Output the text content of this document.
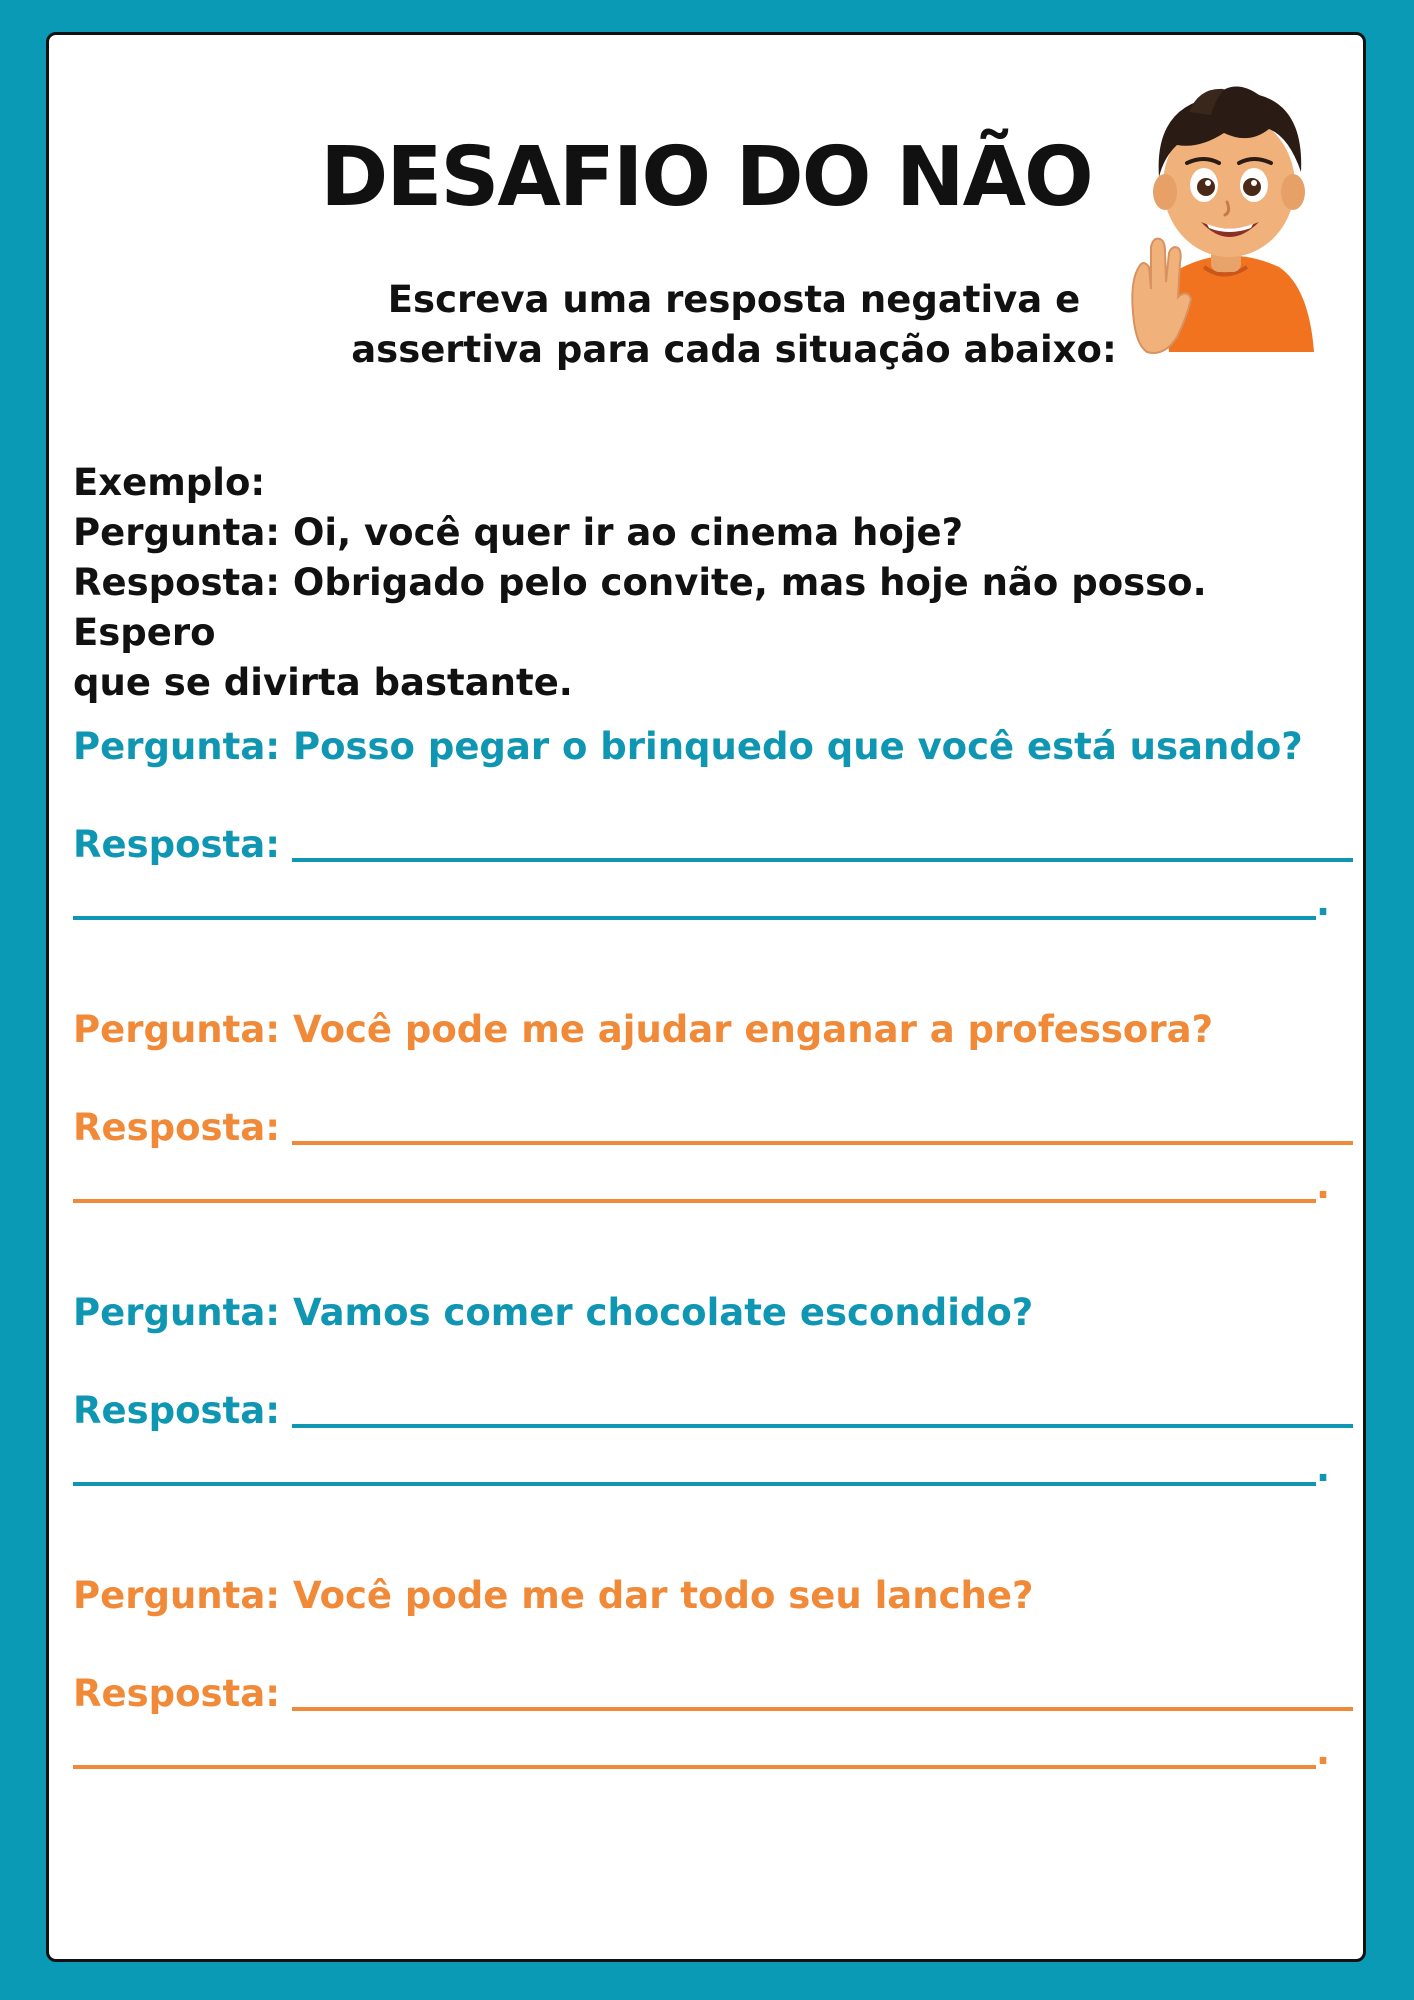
DESAFIO DO NÃO
Escreva uma resposta negativa e
assertiva para cada situação abaixo:
Exemplo:
Pergunta: Oi, você quer ir ao cinema hoje?
Resposta: Obrigado pelo convite, mas hoje não posso. Espero
que se divirta bastante.
Pergunta: Posso pegar o brinquedo que você está usando?
Resposta:
.
Pergunta: Você pode me ajudar enganar a professora?
Resposta:
.
Pergunta: Vamos comer chocolate escondido?
Resposta:
.
Pergunta: Você pode me dar todo seu lanche?
Resposta:
.
